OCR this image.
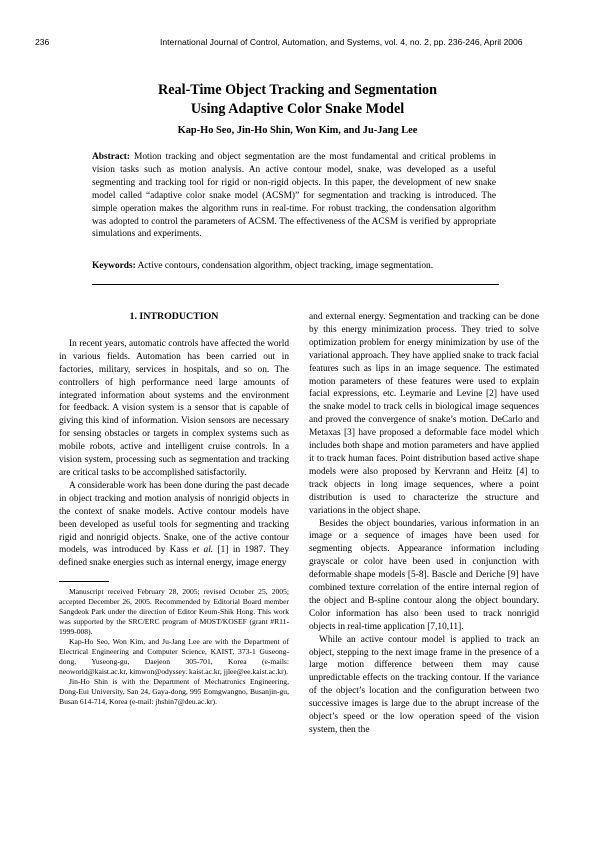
236	International Journal of Control, Automation, and Systems, vol. 4, no. 2, pp. 236-246, April 2006
Real-Time Object Tracking and Segmentation
Using Adaptive Color Snake Model
Kap-Ho Seo, Jin-Ho Shin, Won Kim, and Ju-Jang Lee

Abstract: Motion tracking and object segmentation are the most fundamental and critical problems in vision tasks such as motion analysis. An active contour model, snake, was developed as a useful segmenting and tracking tool for rigid or non-rigid objects. In this paper, the development of new snake model called “adaptive color snake model (ACSM)” for segmentation and tracking is introduced. The simple operation makes the algorithm runs in real-time. For robust tracking, the condensation algorithm was adopted to control the parameters of ACSM. The effectiveness of the ACSM is verified by appropriate simulations and experiments.

Keywords: Active contours, condensation algorithm, object tracking, image segmentation.

1. INTRODUCTION

In recent years, automatic controls have affected the world in various fields. Automation has been carried out in factories, military, services in hospitals, and so on. The controllers of high performance need large amounts of integrated information about systems and the environment for feedback. A vision system is a sensor that is capable of giving this kind of information. Vision sensors are necessary for sensing obstacles or targets in complex systems such as mobile robots, active and intelligent cruise controls. In a vision system, processing such as segmentation and tracking are critical tasks to be accomplished satisfactorily.

A considerable work has been done during the past decade in object tracking and motion analysis of nonrigid objects in the context of snake models. Active contour models have been developed as useful tools for segmenting and tracking rigid and nonrigid objects. Snake, one of the active contour models, was introduced by Kass et al. [1] in 1987. They defined snake energies such as internal energy, image energy

Manuscript received February 28, 2005; revised October 25, 2005; accepted December 26, 2005. Recommended by Editorial Board member Sangdeok Park under the direction of Editor Keum-Shik Hong. This work was supported by the SRC/ERC program of MOST/KOSEF (grant #R11- 1999-008).

Kap-Ho Seo, Won Kim, and Ju-Jang Lee are with the Department of Electrical Engineering and Computer Science, KAIST, 373-1 Guseong-dong, Yuseong-gu, Daejeon 305-701, Korea (e-mails: neoworld@kaist.ac.kr, kimwon@odyssey. kaist.ac.kr, jjlee@ee.kaist.ac.kr).

Jin-Ho Shin is with the Department of Mechatronics Engineering, Dong-Eui University, San 24, Gaya-dong, 995 Eomgwangno, Busanjin-gu, Busan 614-714, Korea (e-mail: jhshin7@deu.ac.kr).

and external energy. Segmentation and tracking can be done by this energy minimization process. They tried to solve optimization problem for energy minimization by use of the variational approach. They have applied snake to track facial features such as lips in an image sequence. The estimated motion parameters of these features were used to explain facial expressions, etc. Leymarie and Levine [2] have used the snake model to track cells in biological image sequences and proved the convergence of snake’s motion. DeCarlo and Metaxas [3] have proposed a deformable face model which includes both shape and motion parameters and have applied it to track human faces. Point distribution based active shape models were also proposed by Kervrann and Heitz [4] to track objects in long image sequences, where a point distribution is used to characterize the structure and variations in the object shape.

Besides the object boundaries, various information in an image or a sequence of images have been used for segmenting objects. Appearance information including grayscale or color have been used in conjunction with deformable shape models [5-8]. Bascle and Deriche [9] have combined texture correlation of the entire internal region of the object and B-spline contour along the object boundary. Color information has also been used to track nonrigid objects in real-time application [7,10,11].

While an active contour model is applied to track an object, stepping to the next image frame in the presence of a large motion difference between them may cause unpredictable effects on the tracking contour. If the variance of the object’s location and the configuration between two successive images is large due to the abrupt increase of the object’s speed or the low operation speed of the vision system, then the
